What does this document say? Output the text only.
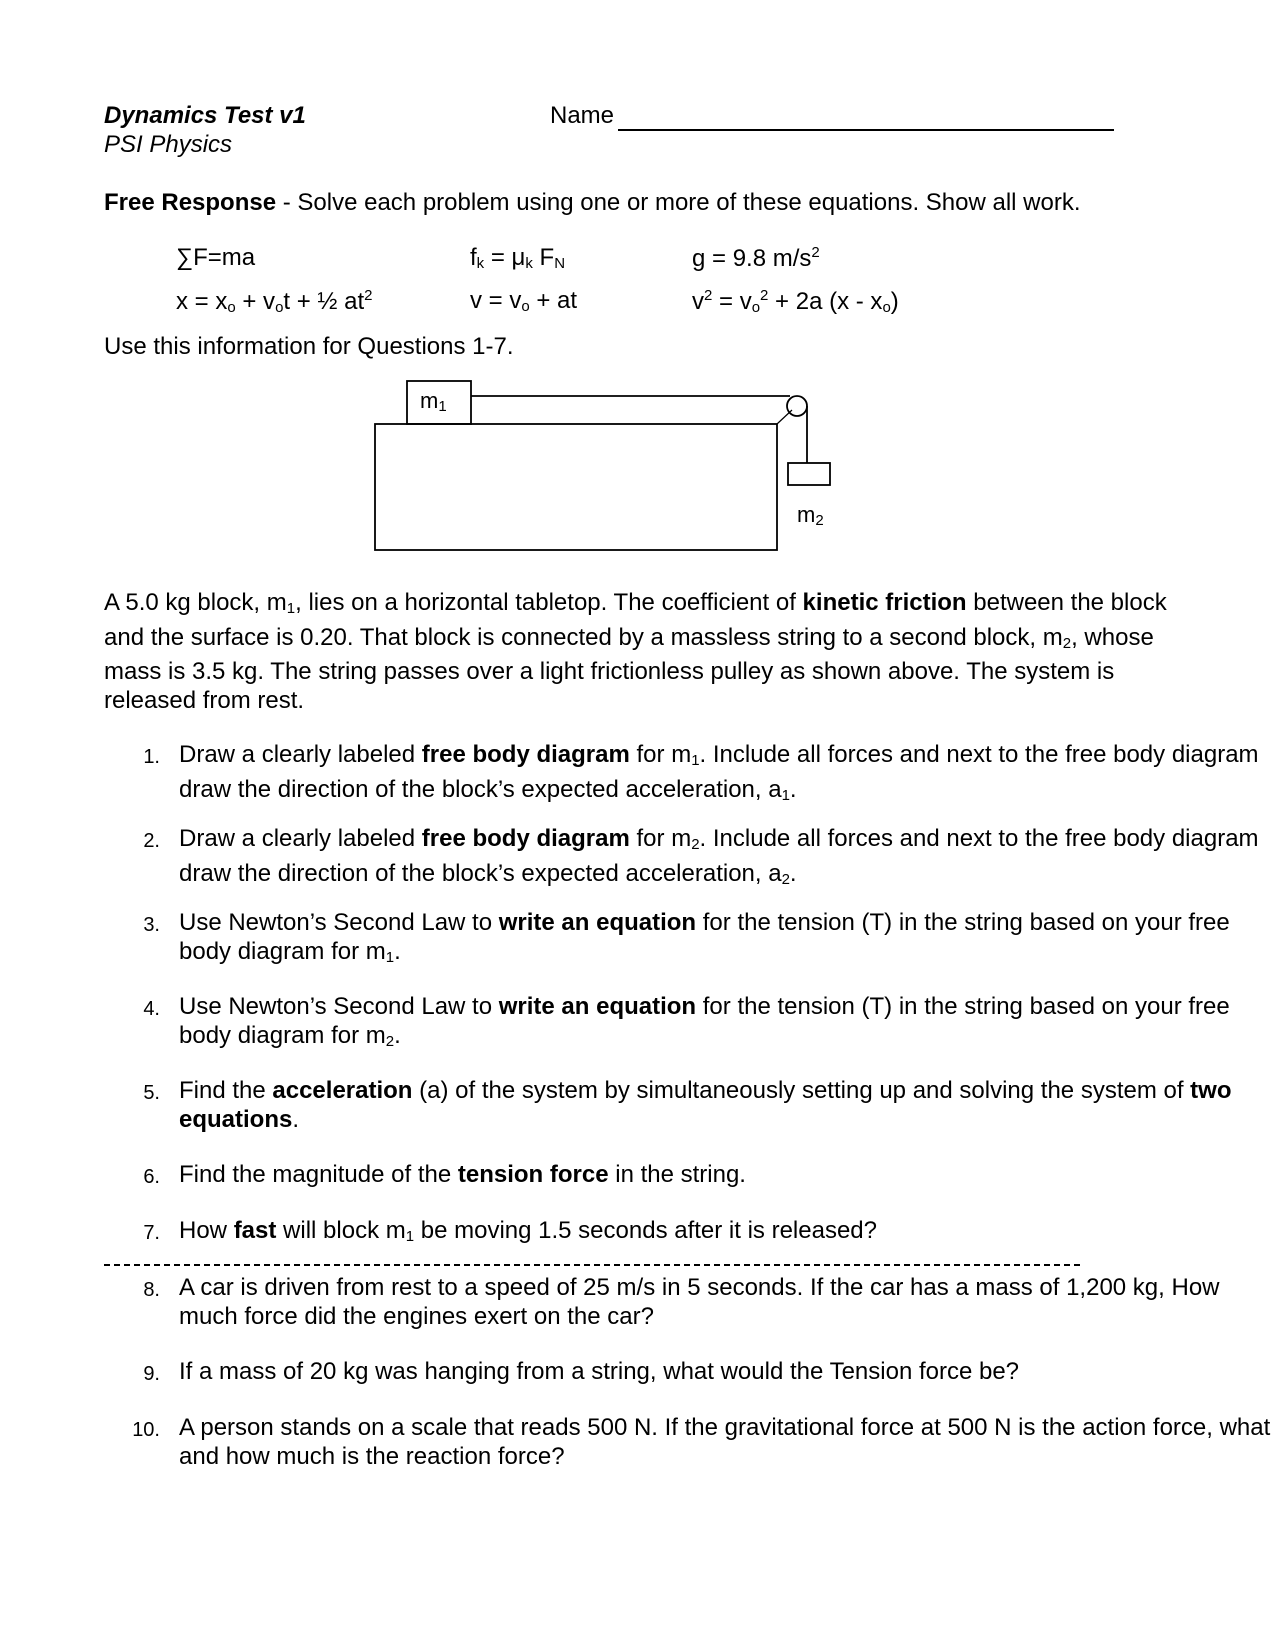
Dynamics Test v1
PSI Physics
Name
Free Response - Solve each problem using one or more of these equations. Show all work.
∑F=ma	$f_k = \mu_k$ $F_N$	g = 9.8 $m/s^2$
$x = x_o + v_ot$ + ½ $at^2$	$v = v_o$ + at	$v^2 = v_o^2 + 2a$ $(x - x_o)$
Use this information for Questions 1-7.
$m_1$
$m_2$
A 5.0 kg block, $m_1$, lies on a horizontal tabletop. The coefficient of kinetic friction between the block and the surface is 0.20. That block is connected by a massless string to a second block, $m_2$, whose mass is 3.5 kg. The string passes over a light frictionless pulley as shown above. The system is released from rest.
1. Draw a clearly labeled free body diagram for $m_1$. Include all forces and next to the free body diagram draw the direction of the block’s expected acceleration, $a_1$.
2. Draw a clearly labeled free body diagram for $m_2$. Include all forces and next to the free body diagram draw the direction of the block’s expected acceleration, $a_2$.
3. Use Newton’s Second Law to write an equation for the tension (T) in the string based on your free body diagram for $m_1$.
4. Use Newton’s Second Law to write an equation for the tension (T) in the string based on your free body diagram for $m_2$.
5. Find the acceleration (a) of the system by simultaneously setting up and solving the system of two equations.
6. Find the magnitude of the tension force in the string.
7. How fast will block $m_1$ be moving 1.5 seconds after it is released?
8. A car is driven from rest to a speed of 25 m/s in 5 seconds. If the car has a mass of 1,200 kg, How much force did the engines exert on the car?
9. If a mass of 20 kg was hanging from a string, what would the Tension force be?
10. A person stands on a scale that reads 500 N. If the gravitational force at 500 N is the action force, what and how much is the reaction force?
